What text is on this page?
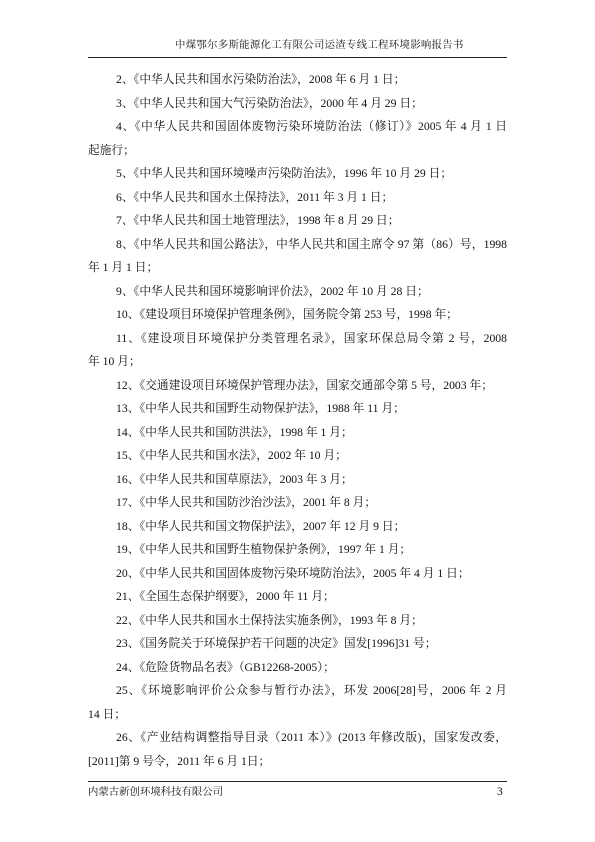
中煤鄂尔多斯能源化工有限公司运渣专线工程环境影响报告书
2、《中华人民共和国水污染防治法》，2008 年 6 月 1 日；
3、《中华人民共和国大气污染防治法》，2000 年 4 月 29 日；
4、《中华人民共和国固体废物污染环境防治法（修订）》2005 年 4 月 1 日
起施行；
5、《中华人民共和国环境噪声污染防治法》，1996 年 10 月 29 日；
6、《中华人民共和国水土保持法》，2011 年 3 月 1 日；
7、《中华人民共和国土地管理法》，1998 年 8 月 29 日；
8、《中华人民共和国公路法》，中华人民共和国主席令 97 第（86）号，1998
年 1 月 1 日；
9、《中华人民共和国环境影响评价法》，2002 年 10 月 28 日；
10、《建设项目环境保护管理条例》，国务院令第 253 号，1998 年；
11、《建设项目环境保护分类管理名录》，国家环保总局令第 2 号，2008
年 10 月；
12、《交通建设项目环境保护管理办法》，国家交通部令第 5 号，2003 年；
13、《中华人民共和国野生动物保护法》，1988 年 11 月；
14、《中华人民共和国防洪法》，1998 年 1 月；
15、《中华人民共和国水法》，2002 年 10 月；
16、《中华人民共和国草原法》，2003 年 3 月；
17、《中华人民共和国防沙治沙法》，2001 年 8 月；
18、《中华人民共和国文物保护法》，2007 年 12 月 9 日；
19、《中华人民共和国野生植物保护条例》，1997 年 1 月；
20、《中华人民共和国固体废物污染环境防治法》，2005 年 4 月 1 日；
21、《全国生态保护纲要》，2000 年 11 月；
22、《中华人民共和国水土保持法实施条例》，1993 年 8 月；
23、《国务院关于环境保护若干问题的决定》国发[1996]31 号；
24、《危险货物品名表》（GB12268-2005）；
25、《环境影响评价公众参与暂行办法》，环发 2006[28]号，2006 年 2 月
14 日；
26、《产业结构调整指导目录（2011 本）》(2013 年修改版)，国家发改委，
[2011]第 9 号令，2011 年 6 月 1日；
内蒙古新创环境科技有限公司	3
